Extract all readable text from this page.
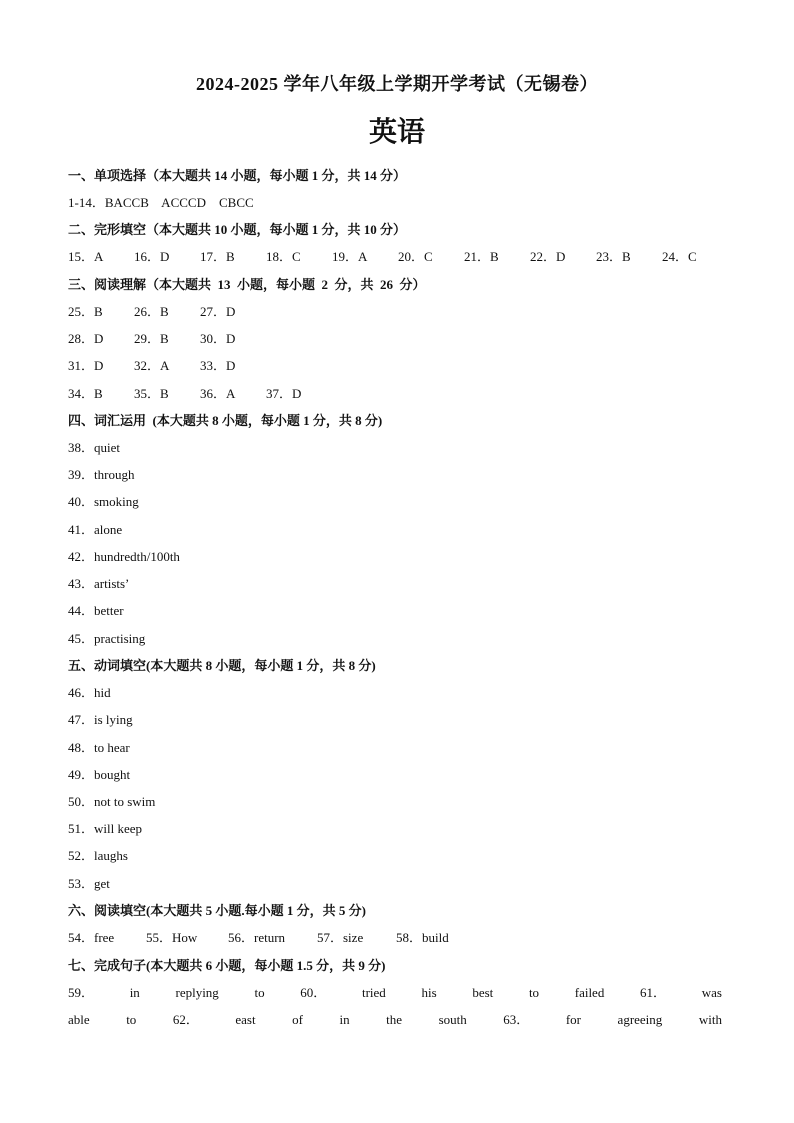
2024-2025 学年八年级上学期开学考试（无锡卷）
英语
一、单项选择（本大题共 14 小题，每小题 1 分，共 14 分）
1-14．BACCB    ACCCD    CBCC
二、完形填空（本大题共 10 小题，每小题 1 分，共 10 分）
15．A 16．D 17．B 18．C 19．A 20．C 21．B 22．D 23．B 24．C
三、阅读理解（本大题共  13  小题，每小题  2  分，共  26  分）
25．B 26．B 27．D
28．D 29．B 30．D
31．D 32．A 33．D
34．B 35．B 36．A 37．D
四、词汇运用  (本大题共 8 小题，每小题 1 分，共 8 分)
38．quiet
39．through
40．smoking
41．alone
42．hundredth/100th
43．artists’
44．better
45．practising
五、动词填空(本大题共 8 小题，每小题 1 分，共 8 分)
46．hid
47．is lying
48．to hear
49．bought
50．not to swim
51．will keep
52．laughs
53．get
六、阅读填空(本大题共 5 小题.每小题 1 分，共 5 分)
54．free 55．How 56．return 57．size	58．build
七、完成句子(本大题共 6 小题，每小题 1.5 分，共 9 分)
59．	in	replying	to	60．	tried	his	best	to	failed	61．	was
able	to	62．	east	of	in	the	south	63．	for	agreeing	with
